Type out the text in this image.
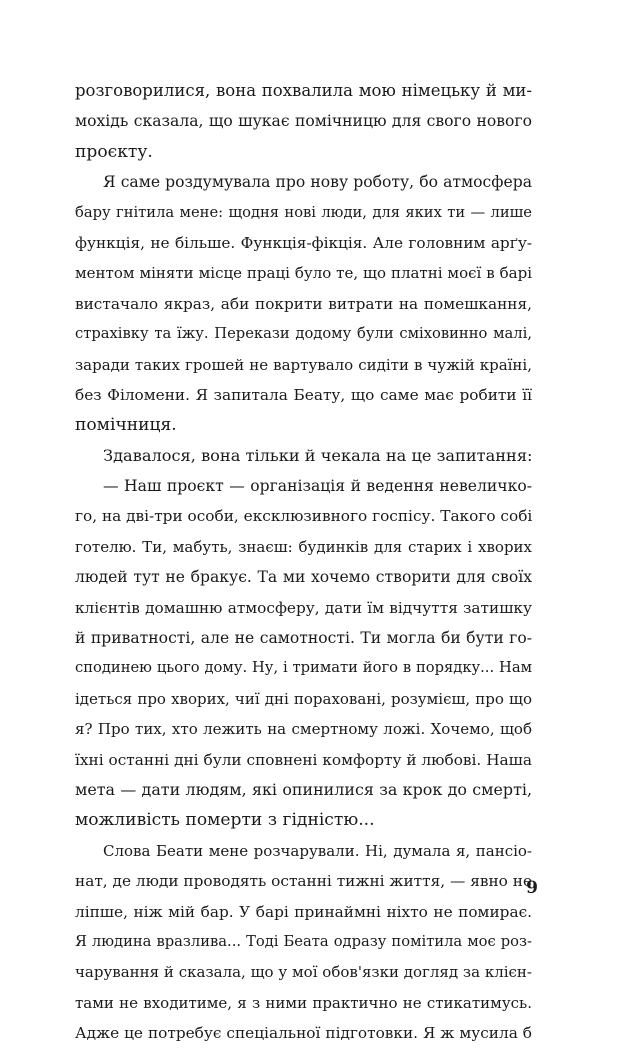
розговорилися, вона похвалила мою німецьку й ми-
мохідь сказала, що шукає помічницю для свого нового
проєкту.
Я саме роздумувала про нову роботу, бо атмосфера
бару гнітила мене: щодня нові люди, для яких ти — лише
функція, не більше. Функція-фікція. Але головним арґу-
ментом міняти місце праці було те, що платні моєї в барі
вистачало якраз, аби покрити витрати на помешкання,
страхівку та їжу. Перекази додому були сміховинно малі,
заради таких грошей не вартувало сидіти в чужій країні,
без Філомени. Я запитала Беату, що саме має робити її
помічниця.
Здавалося, вона тільки й чекала на це запитання:
— Наш проєкт — організація й ведення невеличко-
го, на дві-три особи, ексклюзивного госпісу. Такого собі
готелю. Ти, мабуть, знаєш: будинків для старих і хворих
людей тут не бракує. Та ми хочемо створити для своїх
клієнтів домашню атмосферу, дати їм відчуття затишку
й приватності, але не самотності. Ти могла би бути го-
сподинею цього дому. Ну, і тримати його в порядку... Нам
ідеться про хворих, чиї дні пораховані, розумієш, про що
я? Про тих, хто лежить на смертному ложі. Хочемо, щоб
їхні останні дні були сповнені комфорту й любові. Наша
мета — дати людям, які опинилися за крок до смерті,
можливість померти з гідністю...
Слова Беати мене розчарували. Ні, думала я, пансіо-
нат, де люди проводять останні тижні життя, — явно не
ліпше, ніж мій бар. У барі принаймні ніхто не помирає.
Я людина вразлива... Тоді Беата одразу помітила моє роз-
чарування й сказала, що у мої обов'язки догляд за клієн-
тами не входитиме, я з ними практично не стикатимусь.
Адже це потребує спеціальної підготовки. Я ж мусила б
9
